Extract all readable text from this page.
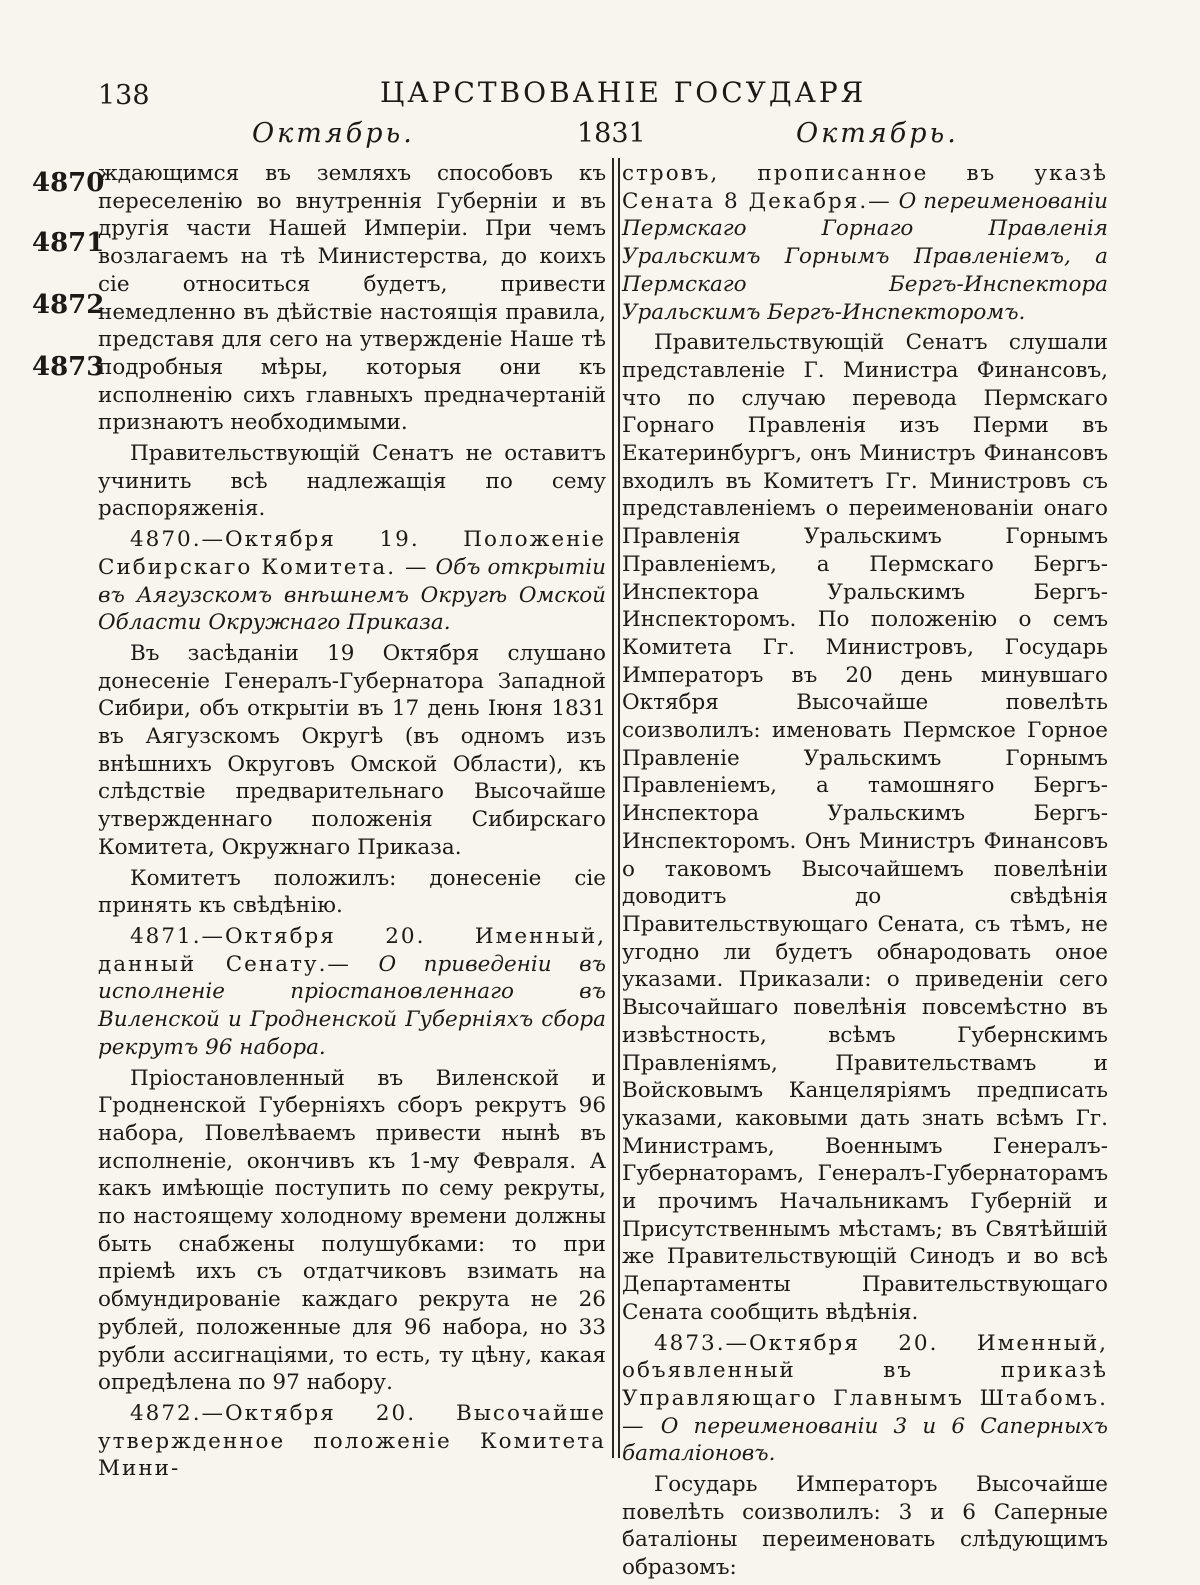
138	ЦАРСТВОВАНIЕ ГОСУДАРЯ
Октябрь.	1831	Октябрь.
4870
4871
4872
4873

ждающимся въ земляхъ способовъ къ переселенiю во внутреннiя Губернiи и въ другiя части Нашей Имперiи. При чемъ возлагаемъ на тѣ Министерства, до коихъ сiе относиться будетъ, привести немедленно въ дѣйствiе настоящiя правила, представя для сего на утвержденiе Наше тѣ подробныя мѣры, которыя они къ исполненiю сихъ главныхъ предначертанiй признаютъ необходимыми.

Правительствующiй Сенатъ не оставитъ учинить всѣ надлежащiя по сему распоряженiя.

4870.—Октября 19. Положенiе Сибирскаго Комитета. — Объ открытiи въ Аягузскомъ внѣшнемъ Округѣ Омской Области Окружнаго Приказа.

Въ засѣданiи 19 Октября слушано донесенiе Генералъ-Губернатора Западной Сибири, объ открытiи въ 17 день Iюня 1831 въ Аягузскомъ Округѣ (въ одномъ изъ внѣшнихъ Округовъ Омской Области), къ слѣдствiе предварительнаго Высочайше утвержденнаго положенiя Сибирскаго Комитета, Окружнаго Приказа.

Комитетъ положилъ: донесенiе сiе принять къ свѣдѣнiю.

4871.—Октября 20. Именный, данный Сенату.— О приведенiи въ исполненiе прiостановленнаго въ Виленской и Гродненской Губернiяхъ сбора рекрутъ 96 набора.

Прiостановленный въ Виленской и Гродненской Губернiяхъ сборъ рекрутъ 96 набора, Повелѣваемъ привести нынѣ въ исполненiе, окончивъ къ 1-му Февраля. А какъ имѣющiе поступить по сему рекруты, по настоящему холодному времени должны быть снабжены полушубками: то при прiемѣ ихъ съ отдатчиковъ взимать на обмундированiе каждаго рекрута не 26 рублей, положенные для 96 набора, но 33 рубли ассигнацiями, то есть, ту цѣну, какая опредѣлена по 97 набору.

4872.—Октября 20. Высочайше утвержденное положенiе Комитета Мини-

стровъ, прописанное въ указѣ Сената 8 Декабря.— О переименованiи Пермскаго Горнаго Правленiя Уральскимъ Горнымъ Правленiемъ, а Пермскаго Бергъ-Инспектора Уральскимъ Бергъ-Инспекторомъ.

Правительствующiй Сенатъ слушали представленiе Г. Министра Финансовъ, что по случаю перевода Пермскаго Горнаго Правленiя изъ Перми въ Екатеринбургъ, онъ Министръ Финансовъ входилъ въ Комитетъ Гг. Министровъ съ представленiемъ о переименованiи онаго Правленiя Уральскимъ Горнымъ Правленiемъ, а Пермскаго Бергъ-Инспектора Уральскимъ Бергъ-Инспекторомъ. По положенiю о семъ Комитета Гг. Министровъ, Государь Императоръ въ 20 день минувшаго Октября Высочайше повелѣть соизволилъ: именовать Пермское Горное Правленiе Уральскимъ Горнымъ Правленiемъ, а тамошняго Бергъ-Инспектора Уральскимъ Бергъ-Инспекторомъ. Онъ Министръ Финансовъ о таковомъ Высочайшемъ повелѣнiи доводитъ до свѣдѣнiя Правительствующаго Сената, съ тѣмъ, не угодно ли будетъ обнародовать оное указами. Приказали: о приведенiи сего Высочайшаго повелѣнiя повсемѣстно въ извѣстность, всѣмъ Губернскимъ Правленiямъ, Правительствамъ и Войсковымъ Канцелярiямъ предписать указами, каковыми дать знать всѣмъ Гг. Министрамъ, Военнымъ Генералъ-Губернаторамъ, Генералъ-Губернаторамъ и прочимъ Начальникамъ Губернiй и Присутственнымъ мѣстамъ; въ Святѣйшiй же Правительствующiй Синодъ и во всѣ Департаменты Правительствующаго Сената сообщить вѣдѣнiя.

4873.—Октября 20. Именный, объявленный въ приказѣ Управляющаго Главнымъ Штабомъ.— О переименованiи 3 и 6 Саперныхъ баталiоновъ.

Государь Императоръ Высочайше повелѣть соизволилъ: 3 и 6 Саперные баталiоны переименовать слѣдующимъ образомъ:
